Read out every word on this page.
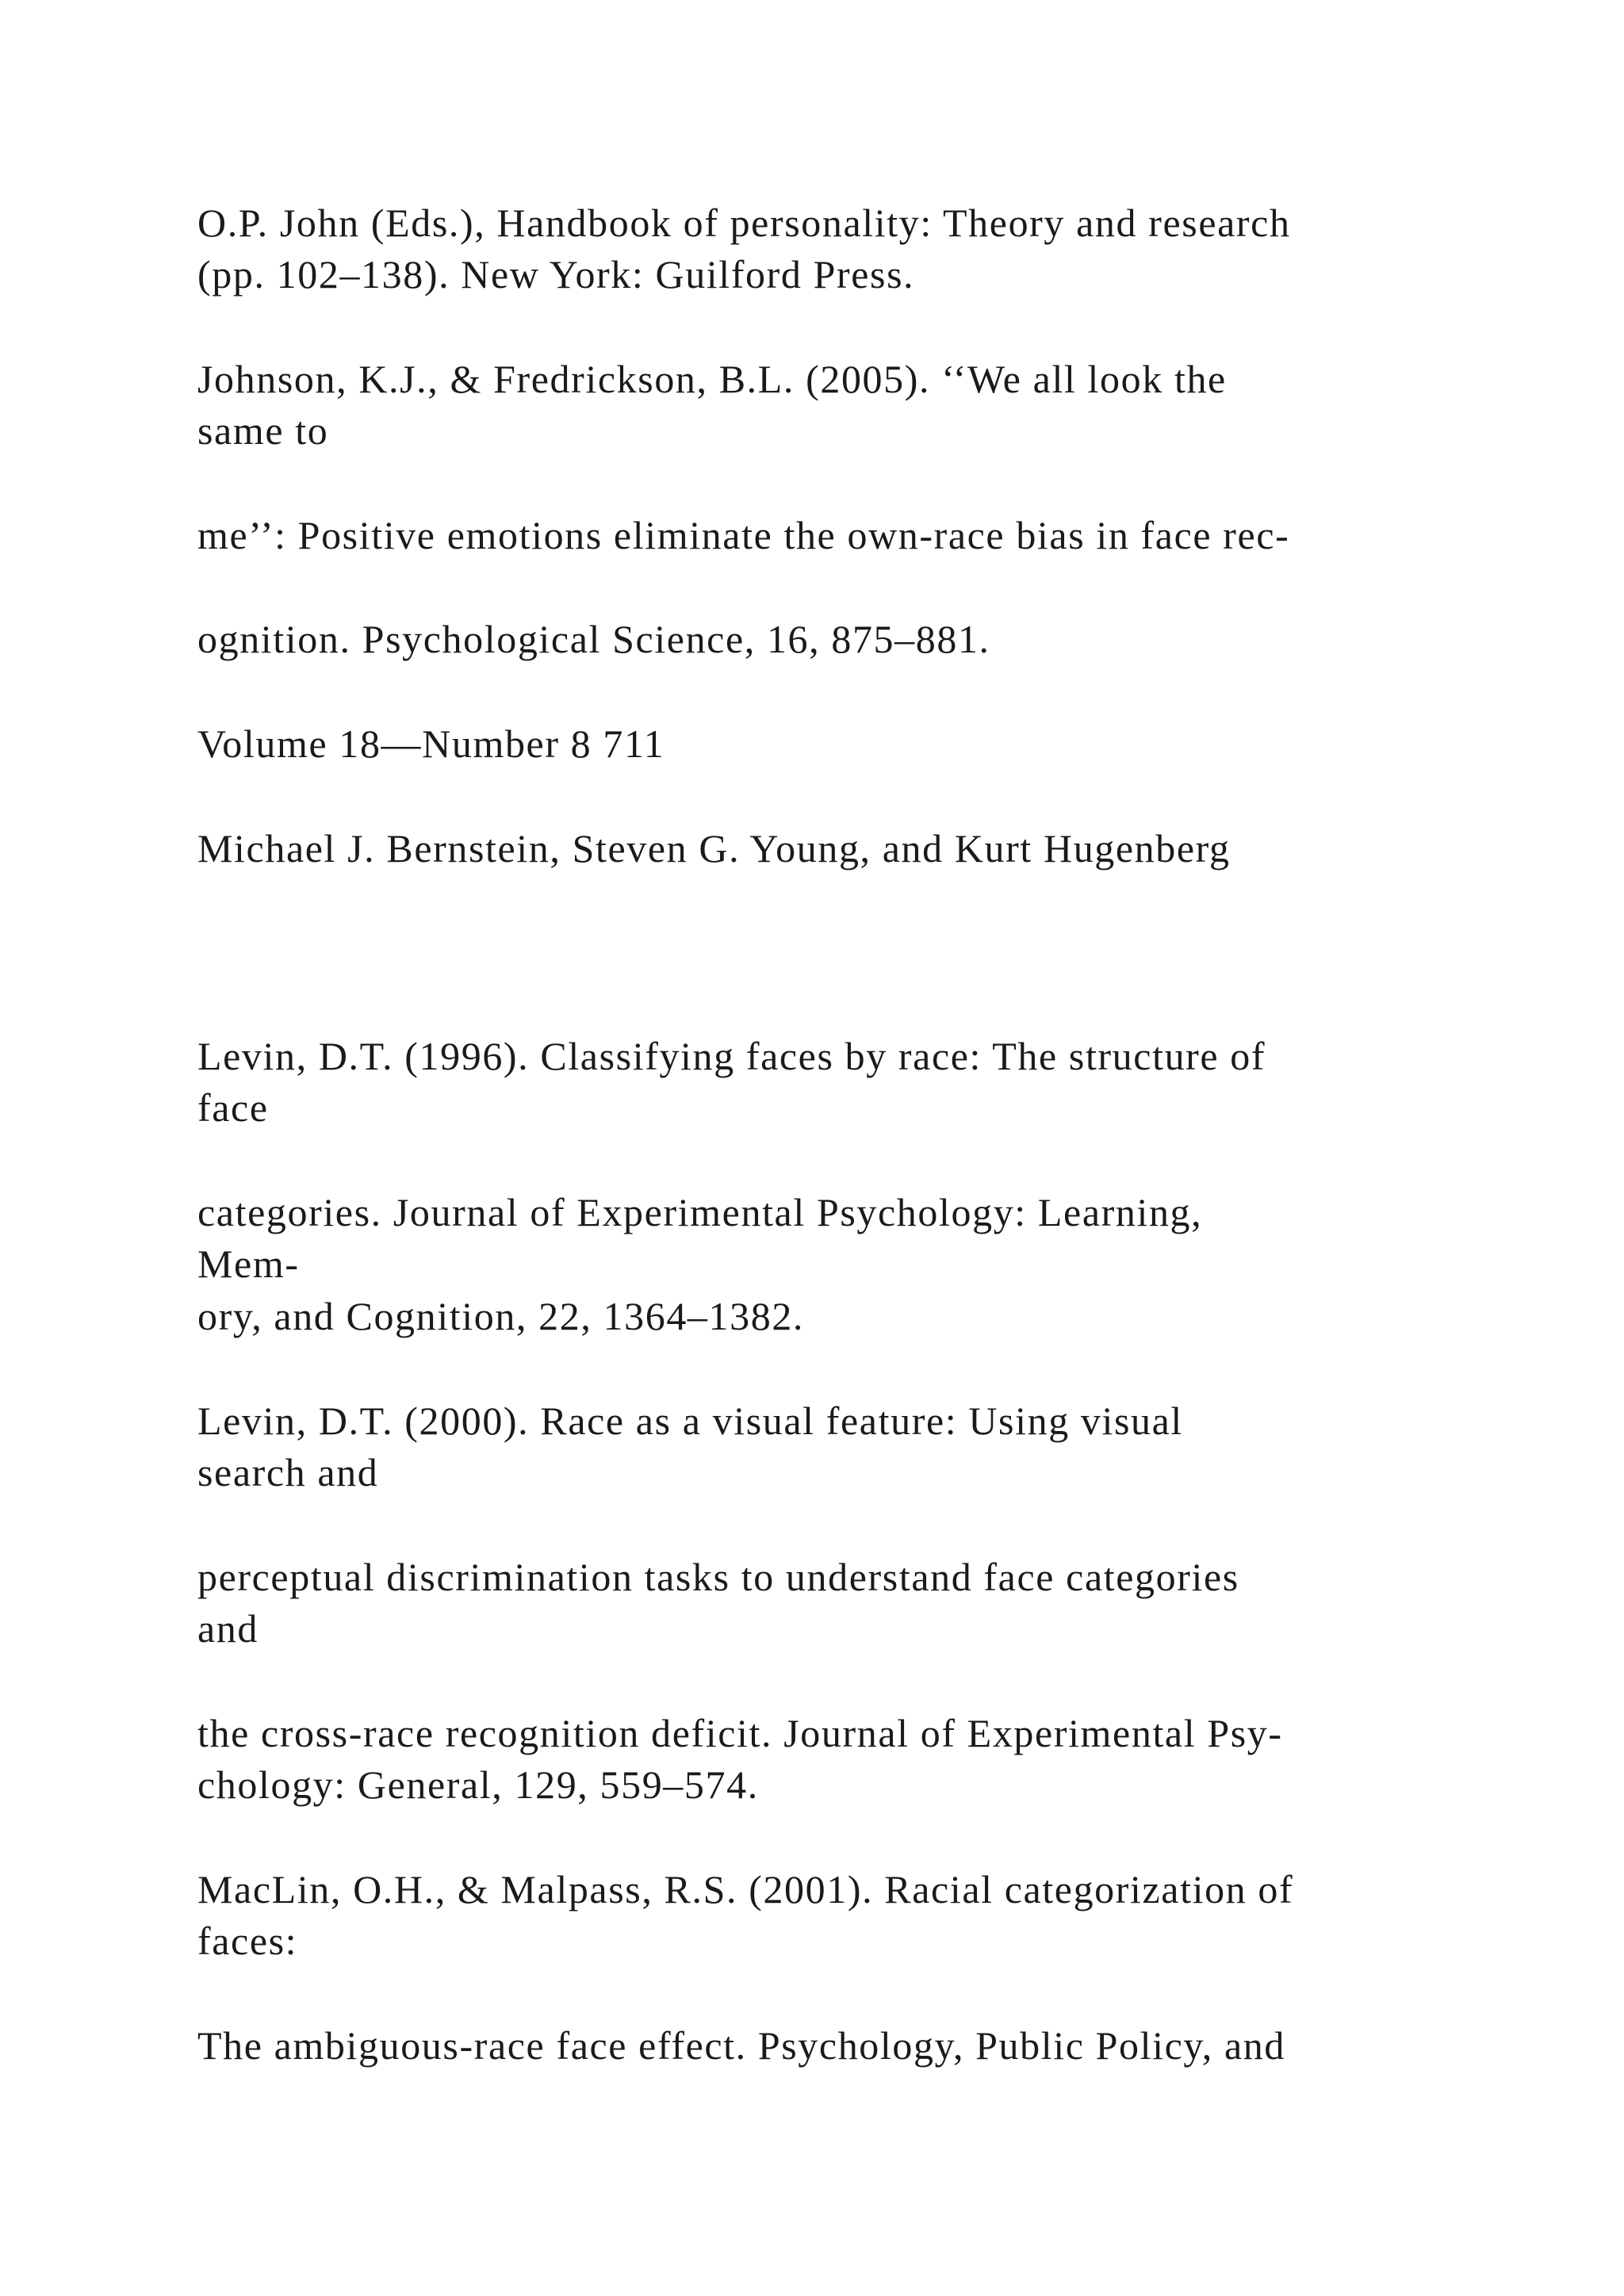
O.P. John (Eds.), Handbook of personality: Theory and research

(pp. 102–138). New York: Guilford Press.

Johnson, K.J., & Fredrickson, B.L. (2005). ‘‘We all look the

same to

me’’: Positive emotions eliminate the own-race bias in face rec-

ognition. Psychological Science, 16, 875–881.

Volume 18—Number 8 711

Michael J. Bernstein, Steven G. Young, and Kurt Hugenberg

Levin, D.T. (1996). Classifying faces by race: The structure of

face

categories. Journal of Experimental Psychology: Learning,

Mem-

ory, and Cognition, 22, 1364–1382.

Levin, D.T. (2000). Race as a visual feature: Using visual

search and

perceptual discrimination tasks to understand face categories

and

the cross-race recognition deficit. Journal of Experimental Psy-

chology: General, 129, 559–574.

MacLin, O.H., & Malpass, R.S. (2001). Racial categorization of

faces:

The ambiguous-race face effect. Psychology, Public Policy, and
